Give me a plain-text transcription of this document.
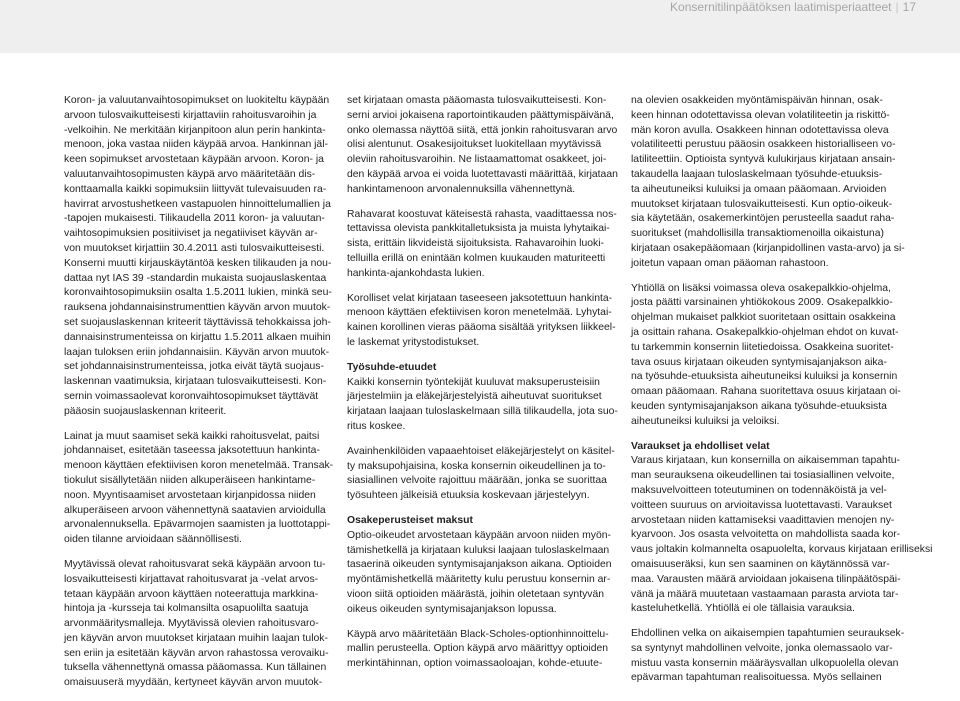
Konsernitilinpäätöksen laatimisperiaatteet | 17

Koron- ja valuutanvaihtosopimukset on luokiteltu käypään
arvoon tulosvaikutteisesti kirjattaviin rahoitusvaroihin ja
-velkoihin. Ne merkitään kirjanpitoon alun perin hankinta-
menoon, joka vastaa niiden käypää arvoa. Hankinnan jäl-
keen sopimukset arvostetaan käypään arvoon. Koron- ja
valuutanvaihtosopimusten käypä arvo määritetään dis-
konttaamalla kaikki sopimuksiin liittyvät tulevaisuuden ra-
havirrat arvostushetkeen vastapuolen hinnoittelumallien ja
-tapojen mukaisesti. Tilikaudella 2011 koron- ja valuutan-
vaihtosopimuksien positiiviset ja negatiiviset käyvän ar-
von muutokset kirjattiin 30.4.2011 asti tulosvaikutteisesti.
Konserni muutti kirjauskäytäntöä kesken tilikauden ja nou-
dattaa nyt IAS 39 -standardin mukaista suojauslaskentaa
koronvaihtosopimuksiin osalta 1.5.2011 lukien, minkä seu-
rauksena johdannaisinstrumenttien käyvän arvon muutok-
set suojauslaskennan kriteerit täyttävissä tehokkaissa joh-
dannaisinstrumenteissa on kirjattu 1.5.2011 alkaen muihin
laajan tuloksen eriin johdannaisiin. Käyvän arvon muutok-
set johdannaisinstrumenteissa, jotka eivät täytä suojaus-
laskennan vaatimuksia, kirjataan tulosvaikutteisesti. Kon-
sernin voimassaolevat koronvaihtosopimukset täyttävät
pääosin suojauslaskennan kriteerit.

Lainat ja muut saamiset sekä kaikki rahoitusvelat, paitsi
johdannaiset, esitetään taseessa jaksotettuun hankinta-
menoon käyttäen efektiivisen koron menetelmää. Transak-
tiokulut sisällytetään niiden alkuperäiseen hankintame-
noon. Myyntisaamiset arvostetaan kirjanpidossa niiden
alkuperäiseen arvoon vähennettynä saatavien arvioidulla
arvonalennuksella. Epävarmojen saamisten ja luottotappi-
oiden tilanne arvioidaan säännöllisesti.

Myytävissä olevat rahoitusvarat sekä käypään arvoon tu-
losvaikutteisesti kirjattavat rahoitusvarat ja -velat arvos-
tetaan käypään arvoon käyttäen noteerattuja markkina-
hintoja ja -kursseja tai kolmansilta osapuolilta saatuja
arvonmääritysmalleja. Myytävissä olevien rahoitusvaro-
jen käyvän arvon muutokset kirjataan muihin laajan tulok-
sen eriin ja esitetään käyvän arvon rahastossa verovaiku-
tuksella vähennettynä omassa pääomassa. Kun tällainen
omaisuuserä myydään, kertyneet käyvän arvon muutok-

set kirjataan omasta pääomasta tulosvaikutteisesti. Kon-
serni arvioi jokaisena raportointikauden päättymispäivänä,
onko olemassa näyttöä siitä, että jonkin rahoitusvaran arvo
olisi alentunut. Osakesijoitukset luokitellaan myytävissä
oleviin rahoitusvaroihin. Ne listaamattomat osakkeet, joi-
den käypää arvoa ei voida luotettavasti määrittää, kirjataan
hankintamenoon arvonalennuksilla vähennettynä.

Rahavarat koostuvat käteisestä rahasta, vaadittaessa nos-
tettavissa olevista pankkitalletuksista ja muista lyhytaikai-
sista, erittäin likvideistä sijoituksista. Rahavaroihin luoki-
telluilla erillä on enintään kolmen kuukauden maturiteetti
hankinta-ajankohdasta lukien.

Korolliset velat kirjataan taseeseen jaksotettuun hankinta-
menoon käyttäen efektiivisen koron menetelmää. Lyhytai-
kainen korollinen vieras pääoma sisältää yrityksen liikkeel-
le laskemat yritystodistukset.

Työsuhde-etuudet

Kaikki konsernin työntekijät kuuluvat maksuperusteisiin
järjestelmiin ja eläkejärjestelyistä aiheutuvat suoritukset
kirjataan laajaan tuloslaskelmaan sillä tilikaudella, jota suo-
ritus koskee.

Avainhenkilöiden vapaaehtoiset eläkejärjestelyt on käsitel-
ty maksupohjaisina, koska konsernin oikeudellinen ja to-
siasiallinen velvoite rajoittuu määrään, jonka se suorittaa
työsuhteen jälkeisiä etuuksia koskevaan järjestelyyn.

Osakeperusteiset maksut

Optio-oikeudet arvostetaan käypään arvoon niiden myön-
tämishetkellä ja kirjataan kuluksi laajaan tuloslaskelmaan
tasaerinä oikeuden syntymisajanjakson aikana. Optioiden
myöntämishetkellä määritetty kulu perustuu konsernin ar-
vioon siitä optioiden määrästä, joihin oletetaan syntyvän
oikeus oikeuden syntymisajanjakson lopussa.

Käypä arvo määritetään Black-Scholes-optionhinnoittelu-
mallin perusteella. Option käypä arvo määrittyy optioiden
merkintähinnan, option voimassaoloajan, kohde-etuute-

na olevien osakkeiden myöntämispäivän hinnan, osak-
keen hinnan odotettavissa olevan volatiliteetin ja riskittö-
män koron avulla. Osakkeen hinnan odotettavissa oleva
volatiliteetti perustuu pääosin osakkeen historialliseen vo-
latiliteettiin. Optioista syntyvä kulukirjaus kirjataan ansain-
takaudella laajaan tuloslaskelmaan työsuhde-etuuksis-
ta aiheutuneiksi kuluiksi ja omaan pääomaan. Arvioiden
muutokset kirjataan tulosvaikutteisesti. Kun optio-oikeuk-
sia käytetään, osakemerkintöjen perusteella saadut raha-
suoritukset (mahdollisilla transaktiomenoilla oikaistuna)
kirjataan osakepääomaan (kirjanpidollinen vasta-arvo) ja si-
joitetun vapaan oman pääoman rahastoon.

Yhtiöllä on lisäksi voimassa oleva osakepalkkio-ohjelma,
josta päätti varsinainen yhtiökokous 2009. Osakepalkkio-
ohjelman mukaiset palkkiot suoritetaan osittain osakkeina
ja osittain rahana. Osakepalkkio-ohjelman ehdot on kuvat-
tu tarkemmin konsernin liitetiedoissa. Osakkeina suoritet-
tava osuus kirjataan oikeuden syntymisajanjakson aika-
na työsuhde-etuuksista aiheutuneiksi kuluiksi ja konsernin
omaan pääomaan. Rahana suoritettava osuus kirjataan oi-
keuden syntymisajanjakson aikana työsuhde-etuuksista
aiheutuneiksi kuluiksi ja veloiksi.

Varaukset ja ehdolliset velat

Varaus kirjataan, kun konsernilla on aikaisemman tapahtu-
man seurauksena oikeudellinen tai tosiasiallinen velvoite,
maksuvelvoitteen toteutuminen on todennäköistä ja vel-
voitteen suuruus on arvioitavissa luotettavasti. Varaukset
arvostetaan niiden kattamiseksi vaadittavien menojen ny-
kyarvoon. Jos osasta velvoitetta on mahdollista saada kor-
vaus joltakin kolmannelta osapuolelta, korvaus kirjataan erilliseksi
omaisuuseräksi, kun sen saaminen on käytännössä var-
maa. Varausten määrä arvioidaan jokaisena tilinpäätöspäi-
vänä ja määrä muutetaan vastaamaan parasta arviota tar-
kasteluhetkellä. Yhtiöllä ei ole tällaisia varauksia.

Ehdollinen velka on aikaisempien tapahtumien seurauksek-
sa syntynyt mahdollinen velvoite, jonka olemassaolo var-
mistuu vasta konsernin määräysvallan ulkopuolella olevan
epävarman tapahtuman realisoituessa. Myös sellainen
